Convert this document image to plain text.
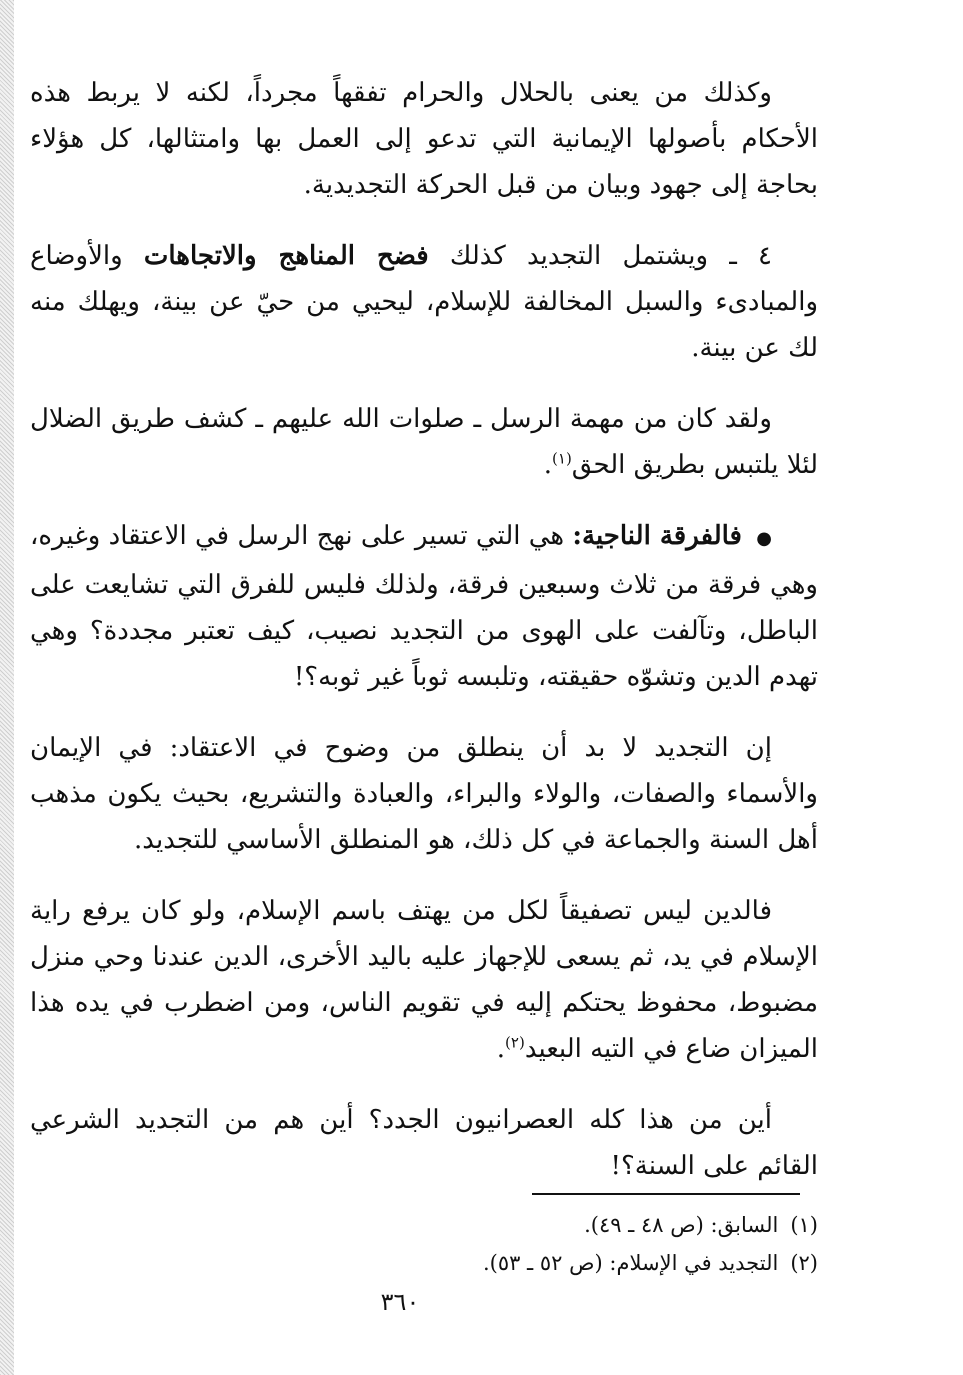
وكذلك من يعنى بالحلال والحرام تفقهاً مجرداً، لكنه لا يربط هذه الأحكام بأصولها الإيمانية التي تدعو إلى العمل بها وامتثالها، كل هؤلاء بحاجة إلى جهود وبيان من قبل الحركة التجديدية.

٤ ـ ويشتمل التجديد كذلك فضح المناهج والاتجاهات والأوضاع والمبادىء والسبل المخالفة للإسلام، ليحيي من حيّ عن بينة، ويهلك منه لك عن بينة.

ولقد كان من مهمة الرسل ـ صلوات الله عليهم ـ كشف طريق الضلال لئلا يلتبس بطريق الحق$^{(١)}$.

● فالفرقة الناجية: هي التي تسير على نهج الرسل في الاعتقاد وغيره، وهي فرقة من ثلاث وسبعين فرقة، ولذلك فليس للفرق التي تشايعت على الباطل، وتآلفت على الهوى من التجديد نصيب، كيف تعتبر مجددة؟ وهي تهدم الدين وتشوّه حقيقته، وتلبسه ثوباً غير ثوبه؟!

إن التجديد لا بد أن ينطلق من وضوح في الاعتقاد: في الإيمان والأسماء والصفات، والولاء والبراء، والعبادة والتشريع، بحيث يكون مذهب أهل السنة والجماعة في كل ذلك، هو المنطلق الأساسي للتجديد.

فالدين ليس تصفيقاً لكل من يهتف باسم الإسلام، ولو كان يرفع راية الإسلام في يد، ثم يسعى للإجهاز عليه باليد الأخرى، الدين عندنا وحي منزل مضبوط، محفوظ يحتكم إليه في تقويم الناس، ومن اضطرب في يده هذا الميزان ضاع في التيه البعيد$^{(٢)}$.

أين من هذا كله العصرانيون الجدد؟ أين هم من التجديد الشرعي القائم على السنة؟!

(١)السابق: (ص ٤٨ ـ ٤٩).
(٢)التجديد في الإسلام: (ص ٥٢ ـ ٥٣).
٣٦٠
